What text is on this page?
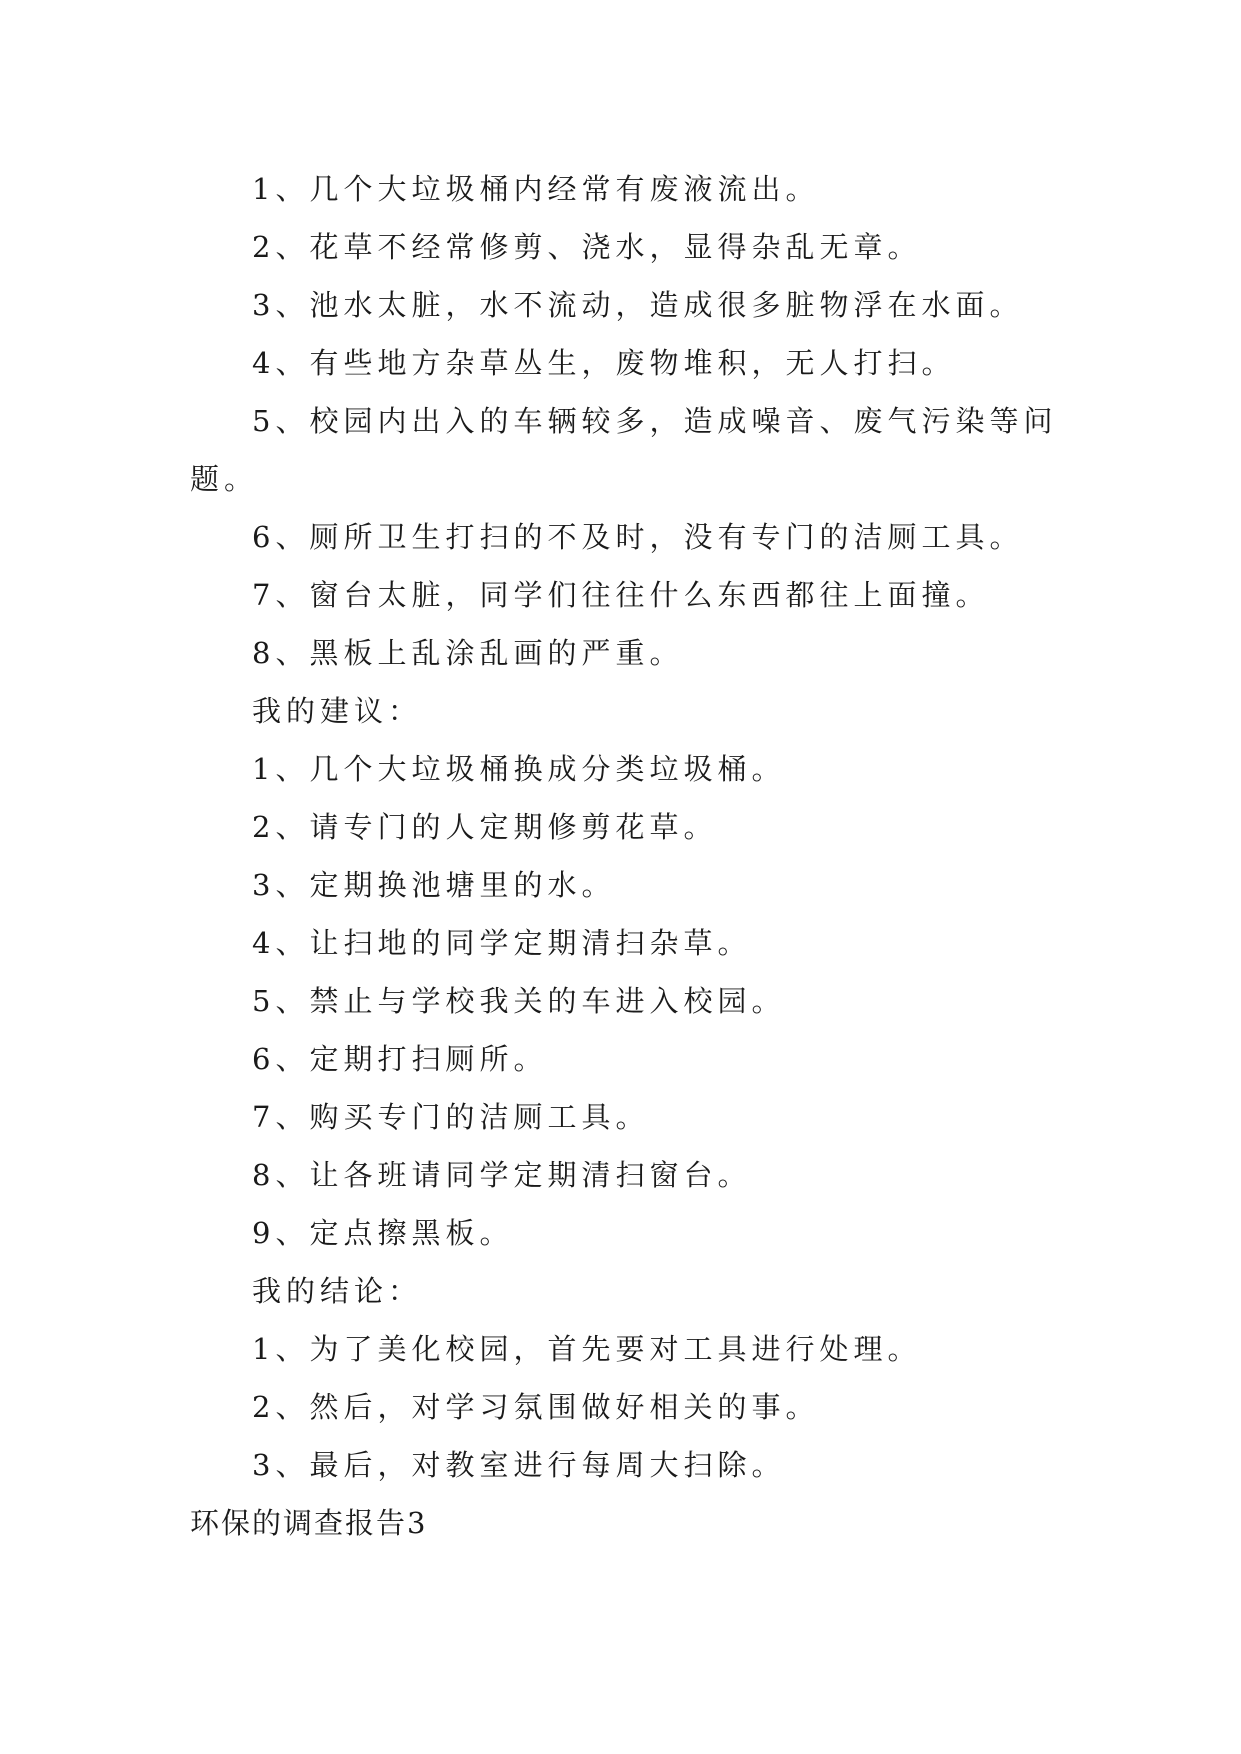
1、几个大垃圾桶内经常有废液流出。
2、花草不经常修剪、浇水，显得杂乱无章。
3、池水太脏，水不流动，造成很多脏物浮在水面。
4、有些地方杂草丛生，废物堆积，无人打扫。
5、校园内出入的车辆较多，造成噪音、废气污染等问题。
6、厕所卫生打扫的不及时，没有专门的洁厕工具。
7、窗台太脏，同学们往往什么东西都往上面撞。
8、黑板上乱涂乱画的严重。
我的建议：
1、几个大垃圾桶换成分类垃圾桶。
2、请专门的人定期修剪花草。
3、定期换池塘里的水。
4、让扫地的同学定期清扫杂草。
5、禁止与学校我关的车进入校园。
6、定期打扫厕所。
7、购买专门的洁厕工具。
8、让各班请同学定期清扫窗台。
9、定点擦黑板。
我的结论：
1、为了美化校园，首先要对工具进行处理。
2、然后，对学习氛围做好相关的事。
3、最后，对教室进行每周大扫除。
环保的调查报告3
